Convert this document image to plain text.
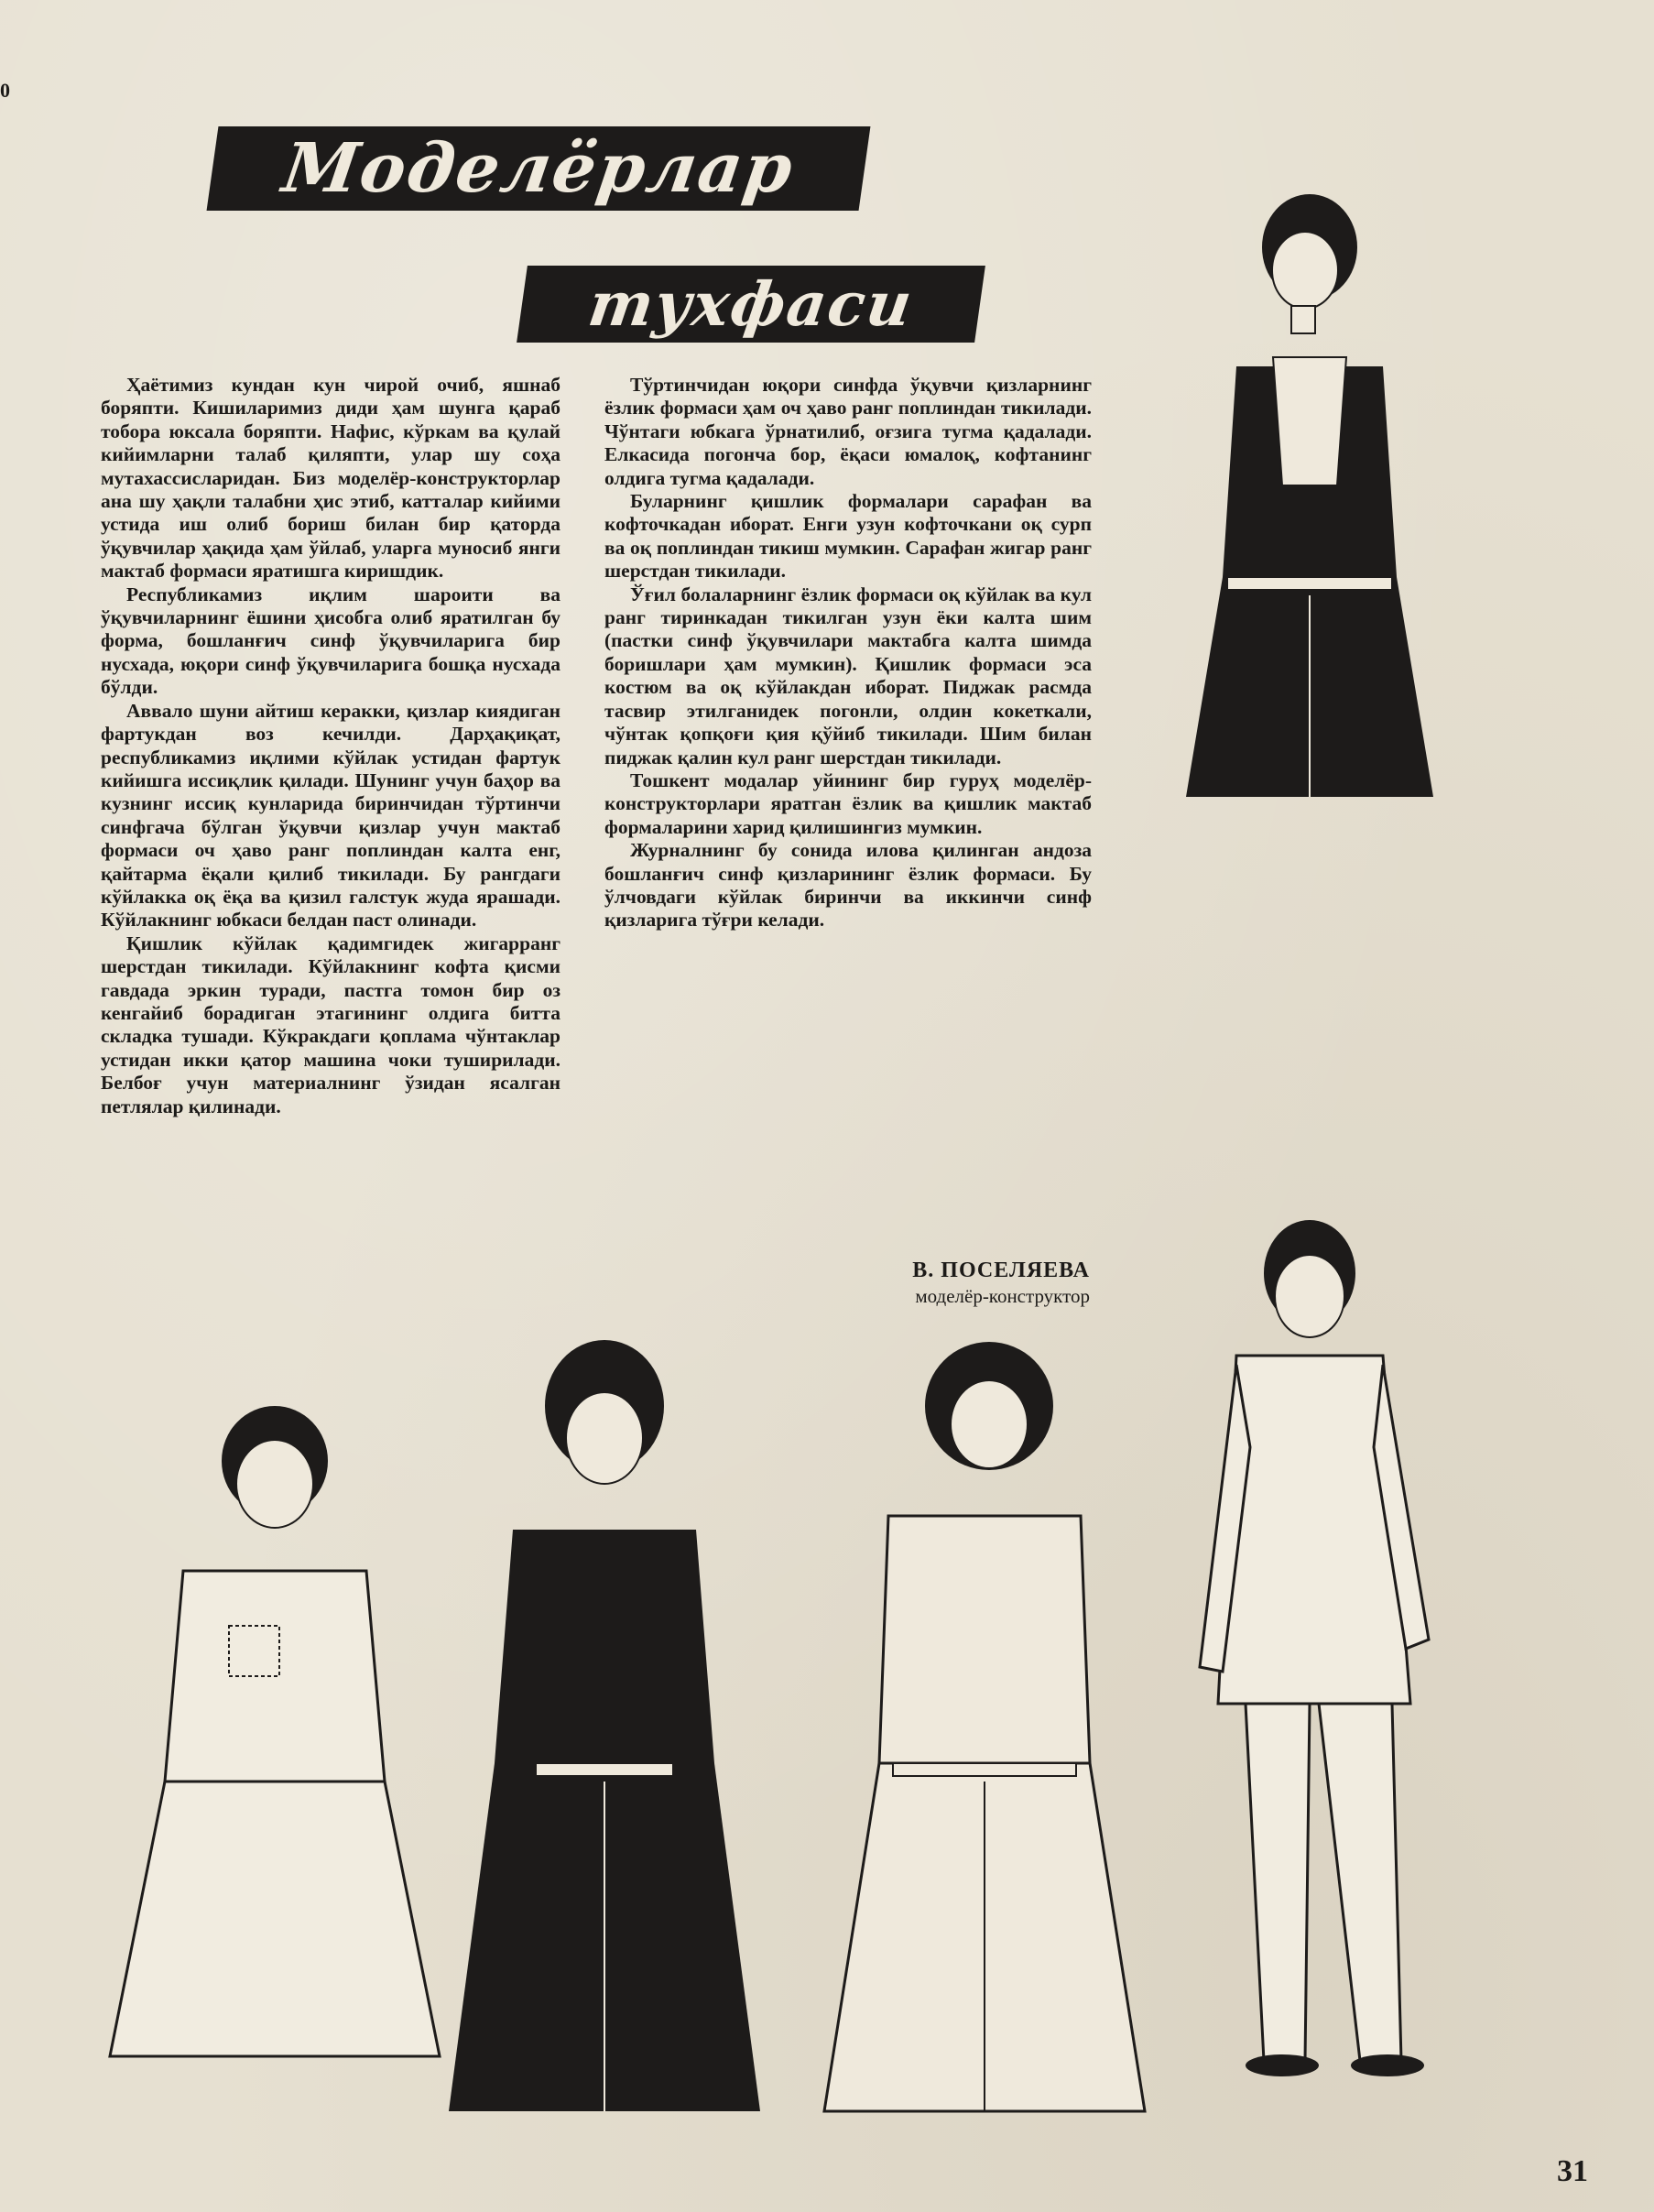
0
Моделёрлар
тухфаси

Ҳаётимиз кундан кун чирой очиб, яшнаб боряпти. Кишиларимиз диди ҳам шунга қараб тобора юксала боряпти. Нафис, кўркам ва қулай кийимларни талаб қиляпти, улар шу соҳа мутахассисларидан. Биз моделёр-конструкторлар ана шу ҳақли талабни ҳис этиб, катталар кийими устида иш олиб бориш билан бир қаторда ўқувчилар ҳақида ҳам ўйлаб, уларга муносиб янги мактаб формаси яратишга киришдик.

Республикамиз иқлим шароити ва ўқувчиларнинг ёшини ҳисобга олиб яратилган бу форма, бошланғич синф ўқувчиларига бир нусхада, юқори синф ўқувчиларига бошқа нусхада бўлди.

Аввало шуни айтиш керакки, қизлар киядиган фартукдан воз кечилди. Дарҳақиқат, республикамиз иқлими кўйлак устидан фартук кийишга иссиқлик қилади. Шунинг учун баҳор ва кузнинг иссиқ кунларида биринчидан тўртинчи синфгача бўлган ўқувчи қизлар учун мактаб формаси оч ҳаво ранг поплиндан калта енг, қайтарма ёқали қилиб тикилади. Бу рангдаги кўйлакка оқ ёқа ва қизил галстук жуда ярашади. Кўйлакнинг юбкаси белдан паст олинади.

Қишлик кўйлак қадимгидек жигарранг шерстдан тикилади. Кўйлакнинг кофта қисми гавдада эркин туради, пастга томон бир оз кенгайиб борадиган этагининг олдига битта складка тушади. Кўкракдаги қопламa чўнтаклар устидан икки қатор машина чоки туширилади. Белбоғ учун материалнинг ўзидан ясалган петлялар қилинади.

Тўртинчидан юқори синфда ўқувчи қизларнинг ёзлик формаси ҳам оч ҳаво ранг поплиндан тикилади. Чўнтаги юбкага ўрнатилиб, оғзига тугма қадалади. Елкасида погонча бор, ёқаси юмалоқ, кофтанинг олдига тугма қадалади.

Буларнинг қишлик формалари сарафан ва кофточкадан иборат. Енги узун кофточкани оқ сурп ва оқ поплиндан тикиш мумкин. Сарафан жигар ранг шерстдан тикилади.

Ўғил болаларнинг ёзлик формаси оқ кўйлак ва кул ранг тиринкадан тикилган узун ёки калта шим (пастки синф ўқувчилари мактабга калта шимда боришлари ҳам мумкин). Қишлик формаси эса костюм ва оқ кўйлакдан иборат. Пиджак расмда тасвир этилганидек погонли, олдин кокеткали, чўнтак қопқоғи қия қўйиб тикилади. Шим билан пиджак қалин кул ранг шерстдан тикилади.

Тошкент модалар уйининг бир гуруҳ моделёр-конструкторлари яратган ёзлик ва қишлик мактаб формаларини харид қилишингиз мумкин.

Журналнинг бу сонида илова қилинган андоза бошланғич синф қизларининг ёзлик формаси. Бу ўлчовдаги кўйлак биринчи ва иккинчи синф қизларига тўғри келади.

В. ПОСЕЛЯЕВА
моделёр-конструктор
31
